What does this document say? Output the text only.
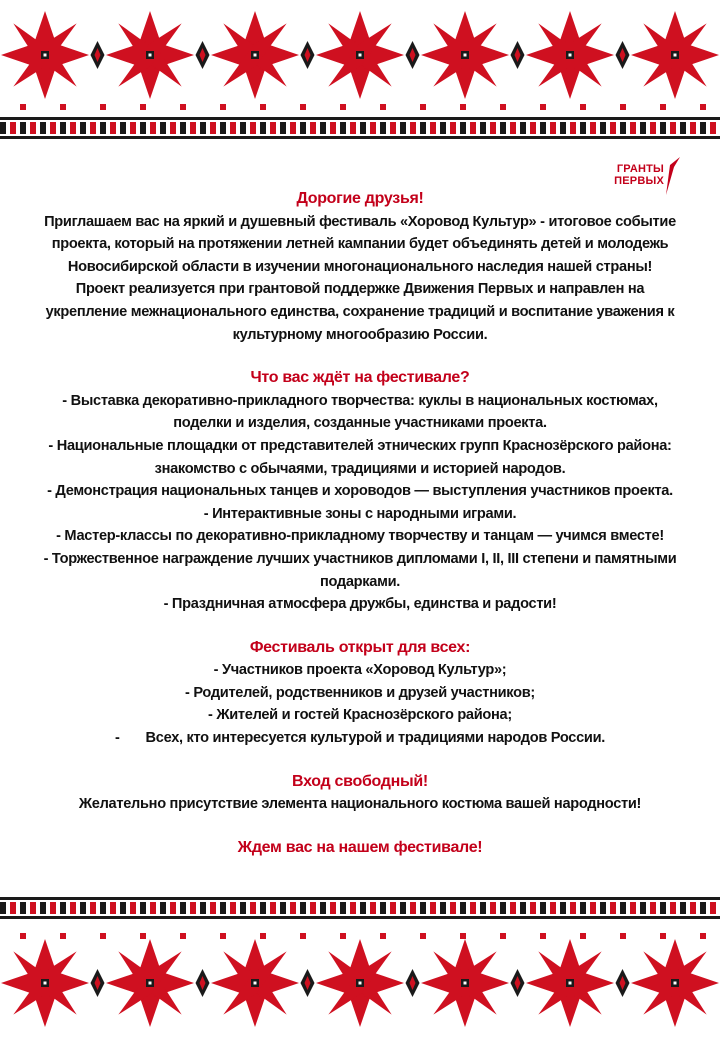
ГРАНТЫ
ПЕРВЫХ
Дорогие друзья!
Приглашаем вас на яркий и душевный фестиваль «Хоровод Культур» - итоговое событие
проекта, который на протяжении летней кампании будет объединять детей и молодежь
Новосибирской области в изучении многонационального наследия нашей страны!
Проект реализуется при грантовой поддержке Движения Первых и направлен на
укрепление межнационального единства, сохранение традиций и воспитание уважения к
культурному многообразию России.
Что вас ждёт на фестивале?
- Выставка декоративно-прикладного творчества: куклы в национальных костюмах,
поделки и изделия, созданные участниками проекта.
- Национальные площадки от представителей этнических групп Краснозёрского района:
знакомство с обычаями, традициями и историей народов.
- Демонстрация национальных танцев и хороводов — выступления участников проекта.
- Интерактивные зоны с народными играми.
- Мастер-классы по декоративно-прикладному творчеству и танцам — учимся вместе!
- Торжественное награждение лучших участников дипломами I, II, III степени и памятными
подарками.
- Праздничная атмосфера дружбы, единства и радости!
Фестиваль открыт для всех:
- Участников проекта «Хоровод Культур»;
- Родителей, родственников и друзей участников;
- Жителей и гостей Краснозёрского района;
- Всех, кто интересуется культурой и традициями народов России.
Вход свободный!
Желательно присутствие элемента национального костюма вашей народности!
Ждем вас на нашем фестивале!
